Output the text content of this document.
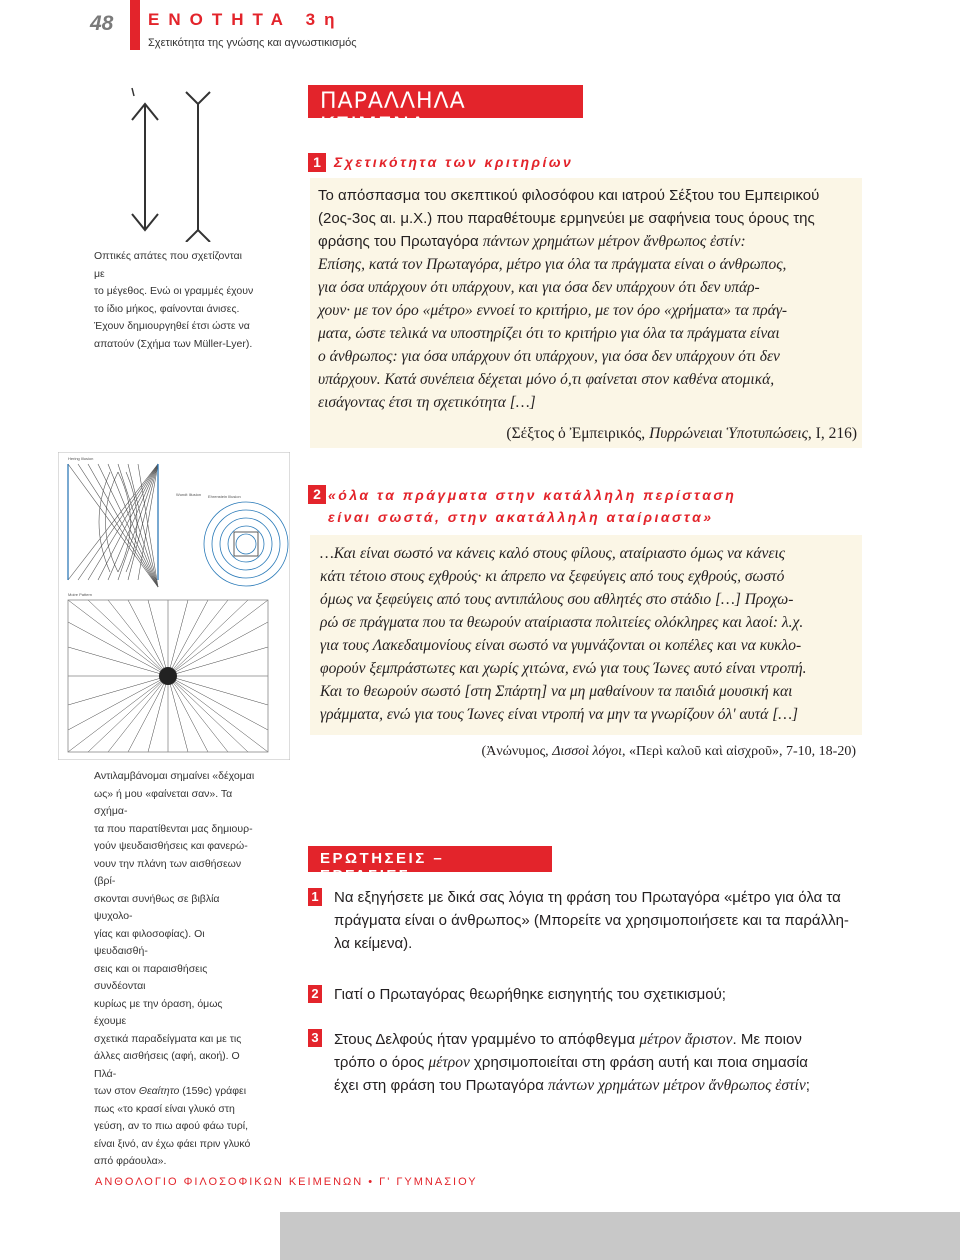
48	ΕΝΟΤΗΤΑ 3η
Σχετικότητα της γνώσης και αγνωστικισμός
Οπτικές απάτες που σχετίζονται με
το μέγεθος. Ενώ οι γραμμές έχουν
το ίδιο μήκος, φαίνονται άνισες.
Έχουν δημιουργηθεί έτσι ώστε να
απατούν (Σχήμα των Müller-Lyer).
Hering Illusion
Ehrenstein Illusion
Wundt Illusion
Moire Pattern
Αντιλαμβάνομαι σημαίνει «δέχομαι
ως» ή μου «φαίνεται σαν». Τα σχήμα-
τα που παρατίθενται μας δημιουρ-
γούν ψευδαισθήσεις και φανερώ-
νουν την πλάνη των αισθήσεων (βρί-
σκονται συνήθως σε βιβλία ψυχολο-
γίας και φιλοσοφίας). Οι ψευδαισθή-
σεις και οι παραισθήσεις συνδέονται
κυρίως με την όραση, όμως έχουμε
σχετικά παραδείγματα και με τις
άλλες αισθήσεις (αφή, ακοή). Ο Πλά-
των στον Θεαίτητο (159c) γράφει
πως «το κρασί είναι γλυκό στη
γεύση, αν το πιω αφού φάω τυρί,
είναι ξινό, αν έχω φάει πριν γλυκό
από φράουλα».
ΠΑΡΑΛΛΗΛΑ ΚΕΙΜΕΝΑ
1 Σχετικότητα των κριτηρίων
Το απόσπασμα του σκεπτικού φιλοσόφου και ιατρού Σέξτου του Εμπειρικού
(2ος-3ος αι. μ.Χ.) που παραθέτουμε ερμηνεύει με σαφήνεια τους όρους της
φράσης του Πρωταγόρα πάντων χρημάτων μέτρον ἄνθρωπος ἐστίν:
Επίσης, κατά τον Πρωταγόρα, μέτρο για όλα τα πράγματα είναι ο άνθρωπος,
για όσα υπάρχουν ότι υπάρχουν, και για όσα δεν υπάρχουν ότι δεν υπάρ-
χουν· με τον όρο «μέτρο» εννοεί το κριτήριο, με τον όρο «χρήματα» τα πράγ-
ματα, ώστε τελικά να υποστηρίζει ότι το κριτήριο για όλα τα πράγματα είναι
ο άνθρωπος: για όσα υπάρχουν ότι υπάρχουν, για όσα δεν υπάρχουν ότι δεν
υπάρχουν. Κατά συνέπεια δέχεται μόνο ό,τι φαίνεται στον καθένα ατομικά,
εισάγοντας έτσι τη σχετικότητα […]
(Σέξτος ὁ Ἐμπειρικός, Πυρρώνειαι Ὑποτυπώσεις, I, 216)
2 «όλα τα πράγματα στην κατάλληλη περίσταση
είναι σωστά, στην ακατάλληλη αταίριαστα»
…Και είναι σωστό να κάνεις καλό στους φίλους, αταίριαστο όμως να κάνεις
κάτι τέτοιο στους εχθρούς· κι άπρεπο να ξεφεύγεις από τους εχθρούς, σωστό
όμως να ξεφεύγεις από τους αντιπάλους σου αθλητές στο στάδιο […] Προχω-
ρώ σε πράγματα που τα θεωρούν αταίριαστα πολιτείες ολόκληρες και λαοί: λ.χ.
για τους Λακεδαιμονίους είναι σωστό να γυμνάζονται οι κοπέλες και να κυκλο-
φορούν ξεμπράστωτες και χωρίς χιτώνα, ενώ για τους Ίωνες αυτό είναι ντροπή.
Και το θεωρούν σωστό [στη Σπάρτη] να μη μαθαίνουν τα παιδιά μουσική και
γράμματα, ενώ για τους Ίωνες είναι ντροπή να μην τα γνωρίζουν όλ' αυτά […]
(Ἀνώνυμος, Δισσοὶ λόγοι, «Περὶ καλοῦ καὶ αἰσχροῦ», 7-10, 18-20)
ΕΡΩΤΗΣΕΙΣ – ΕΡΓΑΣΙΕΣ
1 Να εξηγήσετε με δικά σας λόγια τη φράση του Πρωταγόρα «μέτρο για όλα τα
πράγματα είναι ο άνθρωπος» (Μπορείτε να χρησιμοποιήσετε και τα παράλλη-
λα κείμενα).
2 Γιατί ο Πρωταγόρας θεωρήθηκε εισηγητής του σχετικισμού;
3 Στους Δελφούς ήταν γραμμένο το απόφθεγμα μέτρον ἄριστον. Με ποιον
τρόπο ο όρος μέτρον χρησιμοποιείται στη φράση αυτή και ποια σημασία
έχει στη φράση του Πρωταγόρα πάντων χρημάτων μέτρον ἄνθρωπος ἐστίν;
ΑΝΘΟΛΟΓΙΟ ΦΙΛΟΣΟΦΙΚΩΝ ΚΕΙΜΕΝΩΝ • Γ' ΓΥΜΝΑΣΙΟΥ
